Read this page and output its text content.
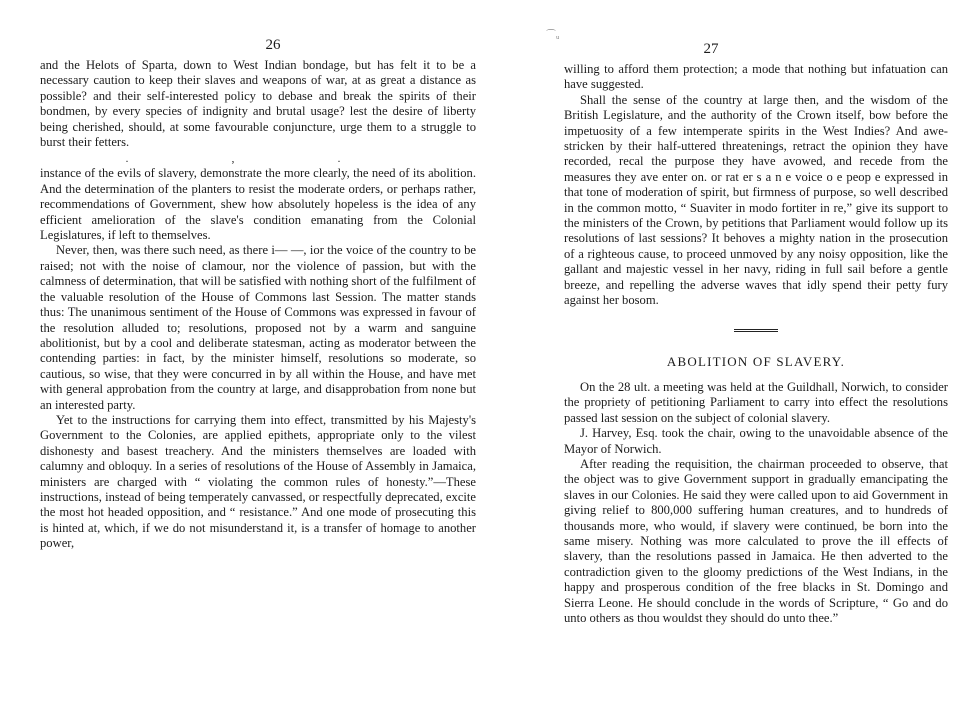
26

and the Helots of Sparta, down to West Indian bondage, but has felt it to be a necessary caution to keep their slaves and weapons of war, at as great a distance as possible? and their self-interested policy to debase and break the spirits of their bondmen, by every species of indignity and brutal usage? lest the desire of liberty being cherished, should, at some favourable conjuncture, urge them to a struggle to burst their fetters.

. , .

instance of the evils of slavery, demonstrate the more clearly, the need of its abolition. And the determination of the planters to resist the moderate orders, or perhaps rather, recommendations of Government, shew how absolutely hopeless is the idea of any efficient amelioration of the slave's condition emanating from the Colonial Legislatures, if left to themselves.

Never, then, was there such need, as there i— —, ior the voice of the country to be raised; not with the noise of clamour, nor the violence of passion, but with the calmness of determination, that will be satisfied with nothing short of the fulfilment of the valuable resolution of the House of Commons last Session. The matter stands thus: The unanimous sentiment of the House of Commons was expressed in favour of the resolution alluded to; resolutions, proposed not by a warm and sanguine abolitionist, but by a cool and deliberate statesman, acting as moderator between the contending parties: in fact, by the minister himself, resolutions so moderate, so cautious, so wise, that they were concurred in by all within the House, and have met with general approbation from the country at large, and disapprobation from none but an interested party.

Yet to the instructions for carrying them into effect, transmitted by his Majesty's Government to the Colonies, are applied epithets, appropriate only to the vilest dishonesty and basest treachery. And the ministers themselves are loaded with calumny and obloquy. In a series of resolutions of the House of Assembly in Jamaica, ministers are charged with “ violating the common rules of honesty.”—These instructions, instead of being temperately canvassed, or respectfully deprecated, excite the most hot headed opposition, and “ resistance.” And one mode of prosecuting this is hinted at, which, if we do not misunderstand it, is a transfer of homage to another power,

⌒ᵤ
27

willing to afford them protection; a mode that nothing but infatuation can have suggested.

Shall the sense of the country at large then, and the wisdom of the British Legislature, and the authority of the Crown itself, bow before the impetuosity of a few intemperate spirits in the West Indies? And awe-stricken by their half-uttered threatenings, retract the opinion they have recorded, recal the purpose they have avowed, and recede from the measures they ave enter on. or rat er s a n e voice o e peop e expressed in that tone of moderation of spirit, but firmness of purpose, so well described in the common motto, “ Suaviter in modo fortiter in re,” give its support to the ministers of the Crown, by petitions that Parliament would follow up its resolutions of last sessions? It behoves a mighty nation in the prosecution of a righteous cause, to proceed unmoved by any noisy opposition, like the gallant and majestic vessel in her navy, riding in full sail before a gentle breeze, and repelling the adverse waves that idly spend their petty fury against her bosom.

ABOLITION OF SLAVERY.

On the 28 ult. a meeting was held at the Guildhall, Norwich, to consider the propriety of petitioning Parliament to carry into effect the resolutions passed last session on the subject of colonial slavery.

J. Harvey, Esq. took the chair, owing to the unavoidable absence of the Mayor of Norwich.

After reading the requisition, the chairman proceeded to observe, that the object was to give Government support in gradually emancipating the slaves in our Colonies. He said they were called upon to aid Government in giving relief to 800,000 suffering human creatures, and to hundreds of thousands more, who would, if slavery were continued, be born into the same misery. Nothing was more calculated to prove the ill effects of slavery, than the resolutions passed in Jamaica. He then adverted to the contradiction given to the gloomy predictions of the West Indians, in the happy and prosperous condition of the free blacks in St. Domingo and Sierra Leone. He should conclude in the words of Scripture, “ Go and do unto others as thou wouldst they should do unto thee.”
